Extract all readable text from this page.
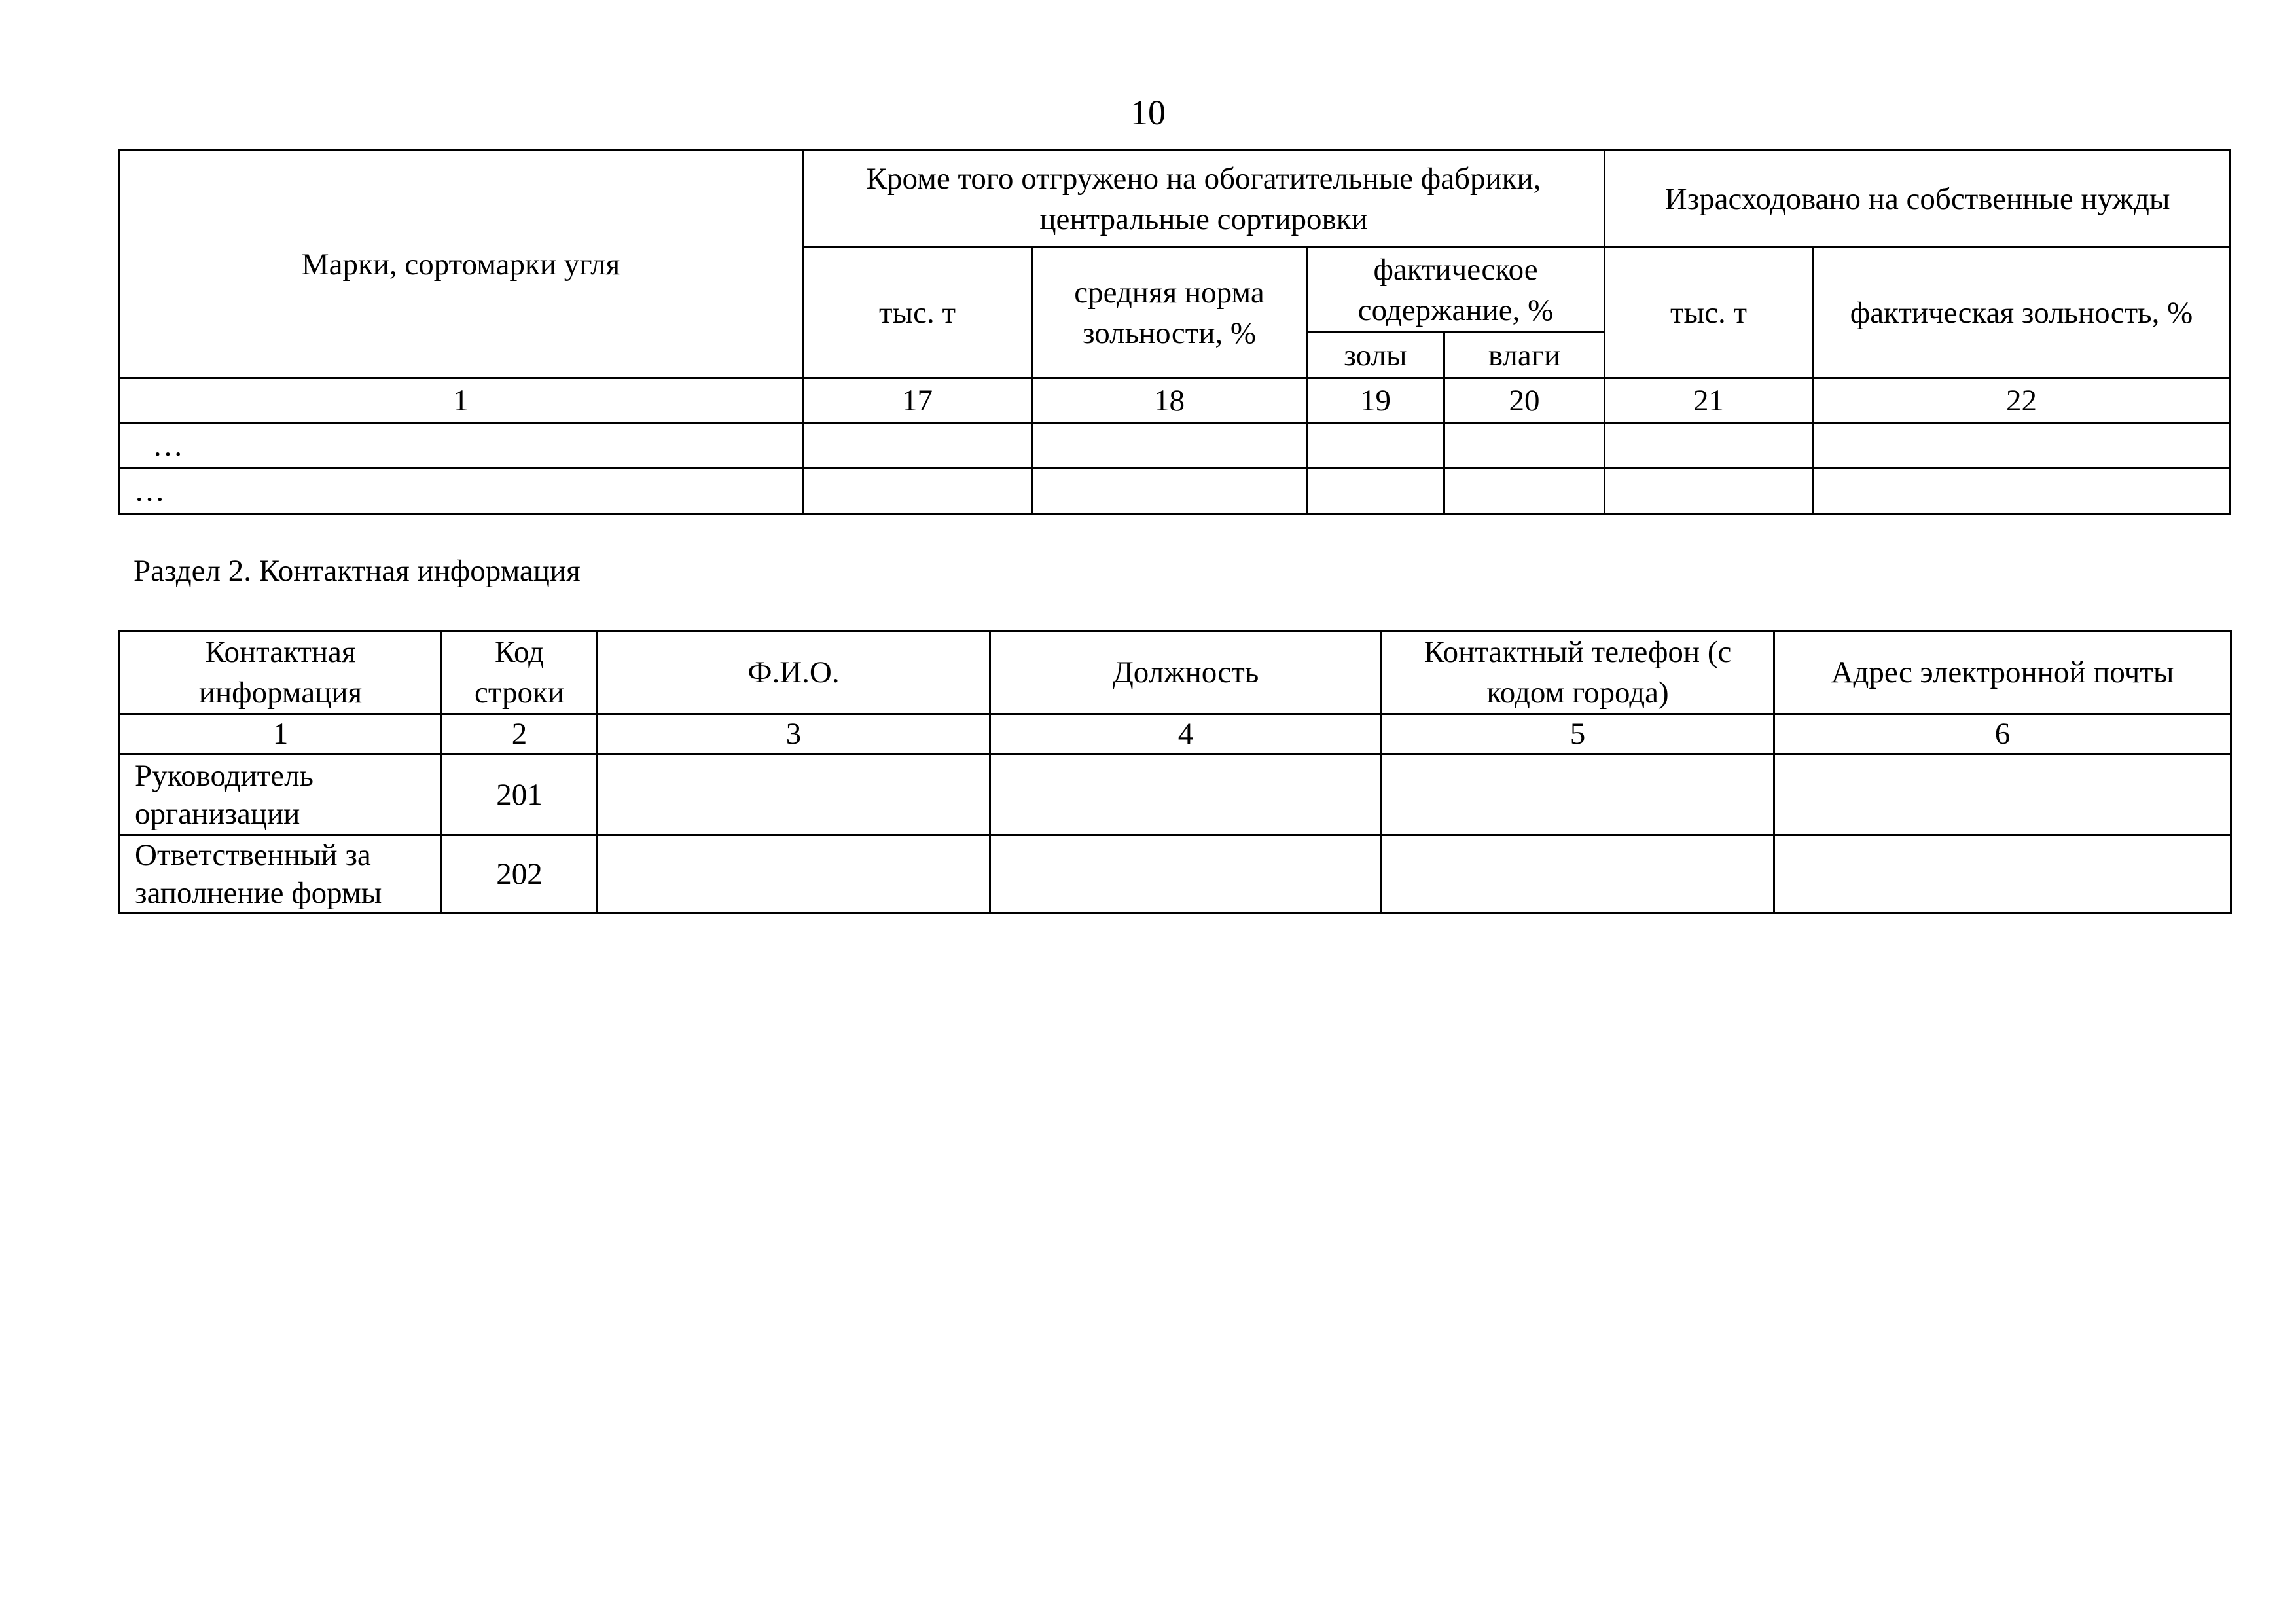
10
Марки, сортомарки угля	Кроме того отгружено на обогатительные фабрики, центральные сортировки				Израсходовано на собственные нужды	
	тыс. т	средняя норма зольности, %	фактическое содержание, %		тыс. т	фактическая зольность, %
			золы	влаги		
1	17	18	19	20	21	22
…						
…						
Раздел 2. Контактная информация
Контактная информация	Код строки	Ф.И.О.	Должность	Контактный телефон (с кодом города)	Адрес электронной почты
1	2	3	4	5	6
Руководитель организации	201				
Ответственный за заполнение формы	202				
